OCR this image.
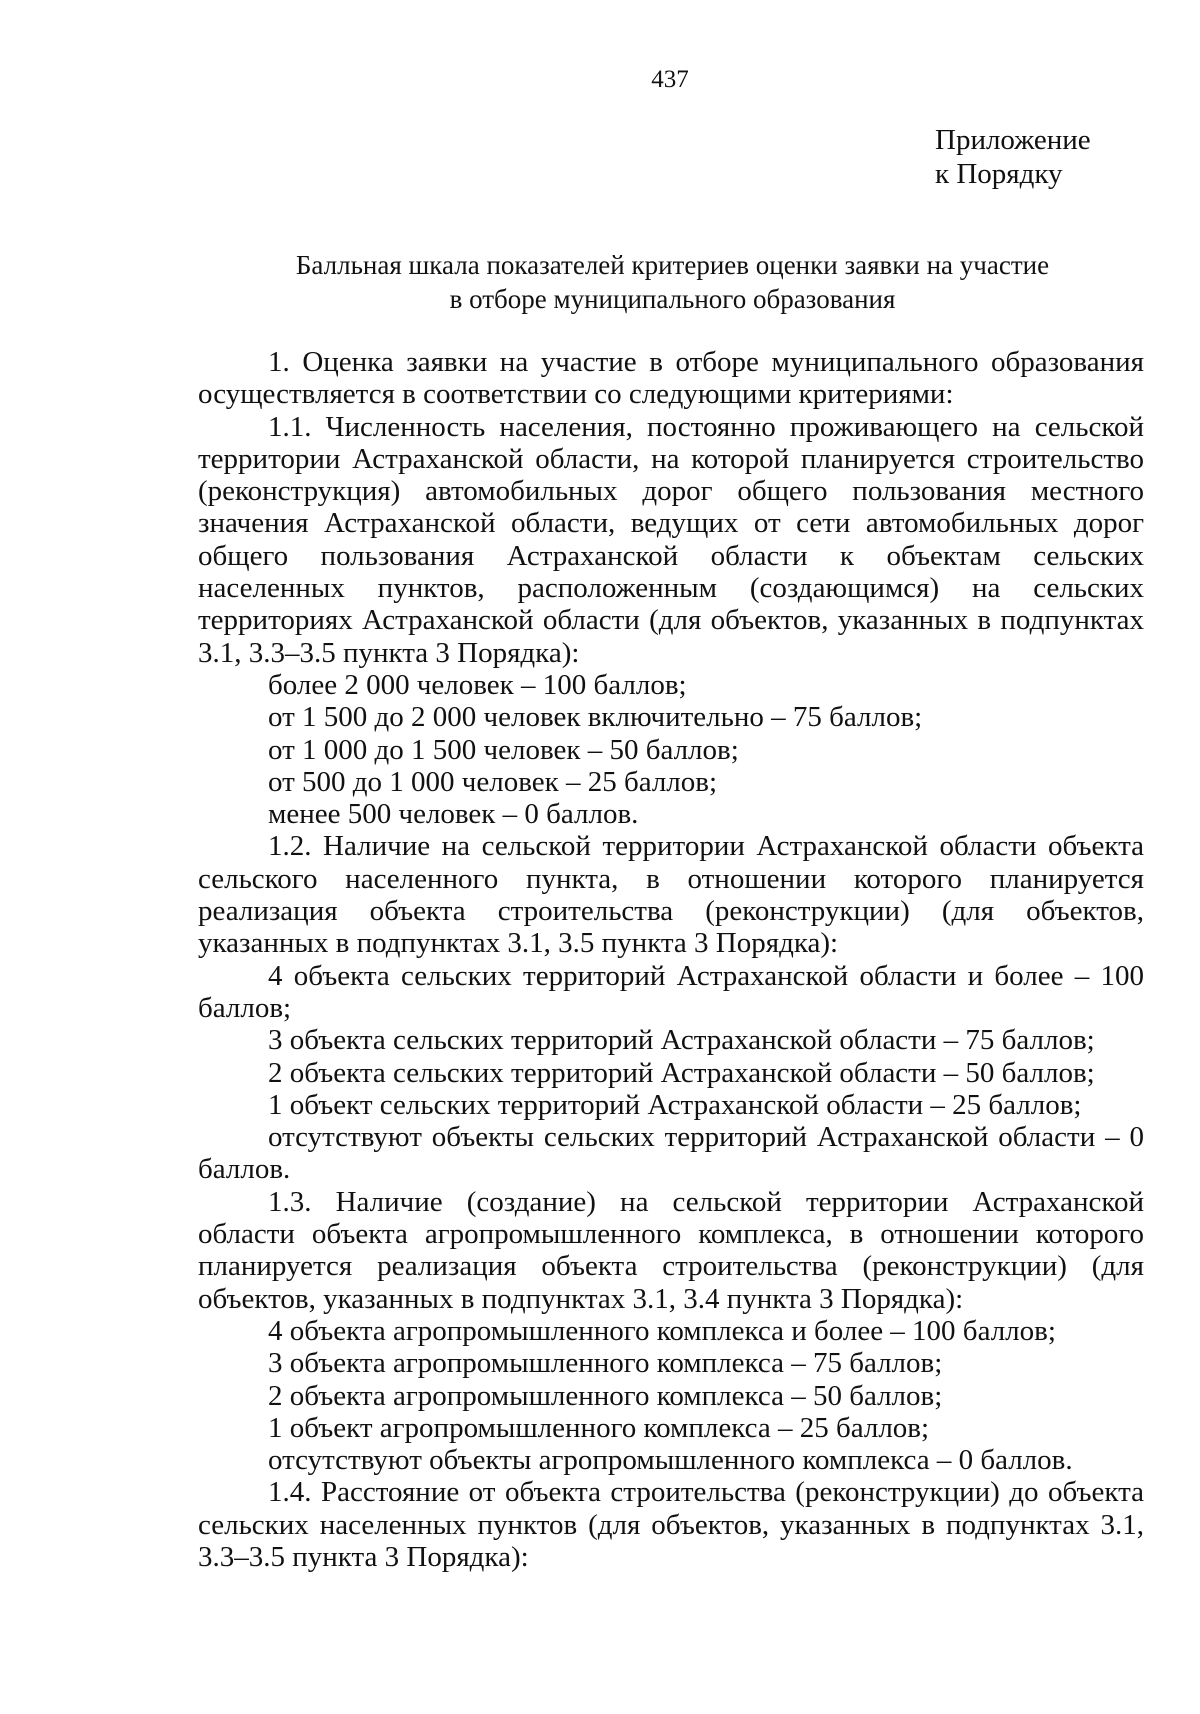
437
Приложение
к Порядку
Балльная шкала показателей критериев оценки заявки на участие
в отборе муниципального образования

1. Оценка заявки на участие в отборе муниципального образования осуществляется в соответствии со следующими критериями:

1.1. Численность населения, постоянно проживающего на сельской территории Астраханской области, на которой планируется строительство (реконструкция) автомобильных дорог общего пользования местного значения Астраханской области, ведущих от сети автомобильных дорог общего пользования Астраханской области к объектам сельских населенных пунктов, расположенным (создающимся) на сельских территориях Астраханской области (для объектов, указанных в подпунктах 3.1, 3.3–3.5 пункта 3 Порядка):

более 2 000 человек – 100 баллов;

от 1 500 до 2 000 человек включительно – 75 баллов;

от 1 000 до 1 500 человек – 50 баллов;

от 500 до 1 000 человек – 25 баллов;

менее 500 человек – 0 баллов.

1.2. Наличие на сельской территории Астраханской области объекта сельского населенного пункта, в отношении которого планируется реализация объекта строительства (реконструкции) (для объектов, указанных в подпунктах 3.1, 3.5 пункта 3 Порядка):

4 объекта сельских территорий Астраханской области и более – 100 баллов;

3 объекта сельских территорий Астраханской области – 75 баллов;

2 объекта сельских территорий Астраханской области – 50 баллов;

1 объект сельских территорий Астраханской области – 25 баллов;

отсутствуют объекты сельских территорий Астраханской области – 0 баллов.

1.3. Наличие (создание) на сельской территории Астраханской области объекта агропромышленного комплекса, в отношении которого планируется реализация объекта строительства (реконструкции) (для объектов, указанных в подпунктах 3.1, 3.4 пункта 3 Порядка):

4 объекта агропромышленного комплекса и более – 100 баллов;

3 объекта агропромышленного комплекса – 75 баллов;

2 объекта агропромышленного комплекса – 50 баллов;

1 объект агропромышленного комплекса – 25 баллов;

отсутствуют объекты агропромышленного комплекса – 0 баллов.

1.4. Расстояние от объекта строительства (реконструкции) до объекта сельских населенных пунктов (для объектов, указанных в подпунктах 3.1, 3.3–3.5 пункта 3 Порядка):
